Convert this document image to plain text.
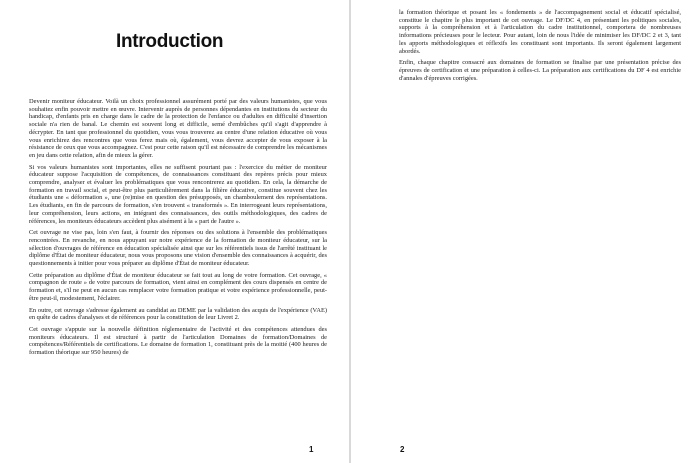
Introduction

Devenir moniteur éducateur. Voilà un choix professionnel assurément porté par des valeurs humanistes, que vous souhaitez enfin pouvoir mettre en œuvre. Intervenir auprès de personnes dépendantes en institutions du secteur du handicap, d'enfants pris en charge dans le cadre de la protection de l'enfance ou d'adultes en difficulté d'insertion sociale n'a rien de banal. Le chemin est souvent long et difficile, semé d'embûches qu'il s'agit d'apprendre à décrypter. En tant que professionnel du quotidien, vous vous trouverez au centre d'une relation éducative où vous vous enrichirez des rencontres que vous ferez mais où, également, vous devrez accepter de vous exposer à la résistance de ceux que vous accompagnez. C'est pour cette raison qu'il est nécessaire de comprendre les mécanismes en jeu dans cette relation, afin de mieux la gérer.

Si vos valeurs humanistes sont importantes, elles ne suffisent pourtant pas : l'exercice du métier de moniteur éducateur suppose l'acquisition de compétences, de connaissances constituant des repères précis pour mieux comprendre, analyser et évaluer les problématiques que vous rencontrerez au quotidien. En cela, la démarche de formation en travail social, et peut-être plus particulièrement dans la filière éducative, constitue souvent chez les étudiants une « déformation », une (re)mise en question des présupposés, un chamboulement des représentations. Les étudiants, en fin de parcours de formation, s'en trouvent « transformés ». En interrogeant leurs représentations, leur compréhension, leurs actions, en intégrant des connaissances, des outils méthodologiques, des cadres de références, les moniteurs éducateurs accèdent plus aisément à la « part de l'autre ».

Cet ouvrage ne vise pas, loin s'en faut, à fournir des réponses ou des solutions à l'ensemble des problématiques rencontrées. En revanche, en nous appuyant sur notre expérience de la formation de moniteur éducateur, sur la sélection d'ouvrages de référence en éducation spécialisée ainsi que sur les référentiels issus de l'arrêté instituant le diplôme d'État de moniteur éducateur, nous vous proposons une vision d'ensemble des connaissances à acquérir, des questionnements à initier pour vous préparer au diplôme d'État de moniteur éducateur.

Cette préparation au diplôme d'État de moniteur éducateur se fait tout au long de votre formation. Cet ouvrage, « compagnon de route » de votre parcours de formation, vient ainsi en complément des cours dispensés en centre de formation et, s'il ne peut en aucun cas remplacer votre formation pratique et votre expérience professionnelle, peut-être peut-il, modestement, l'éclairer.

En outre, cet ouvrage s'adresse également au candidat au DEME par la validation des acquis de l'expérience (VAE) en quête de cadres d'analyses et de références pour la constitution de leur Livret 2.

Cet ouvrage s'appuie sur la nouvelle définition réglementaire de l'activité et des compétences attendues des moniteurs éducateurs. Il est structuré à partir de l'articulation Domaines de formation/Domaines de compétences/Référentiels de certifications. Le domaine de formation 1, constituant près de la moitié (400 heures de formation théorique sur 950 heures) de

1

la formation théorique et posant les « fondements » de l'accompagnement social et éducatif spécialisé, constitue le chapitre le plus important de cet ouvrage. Le DF/DC 4, en présentant les politiques sociales, supports à la compréhension et à l'articulation du cadre institutionnel, comportera de nombreuses informations précieuses pour le lecteur. Pour autant, loin de nous l'idée de minimiser les DF/DC 2 et 3, tant les apports méthodologiques et réflexifs les constituant sont importants. Ils seront également largement abordés.

Enfin, chaque chapitre consacré aux domaines de formation se finalise par une présentation précise des épreuves de certification et une préparation à celles-ci. La préparation aux certifications du DF 4 est enrichie d'annales d'épreuves corrigées.

2
